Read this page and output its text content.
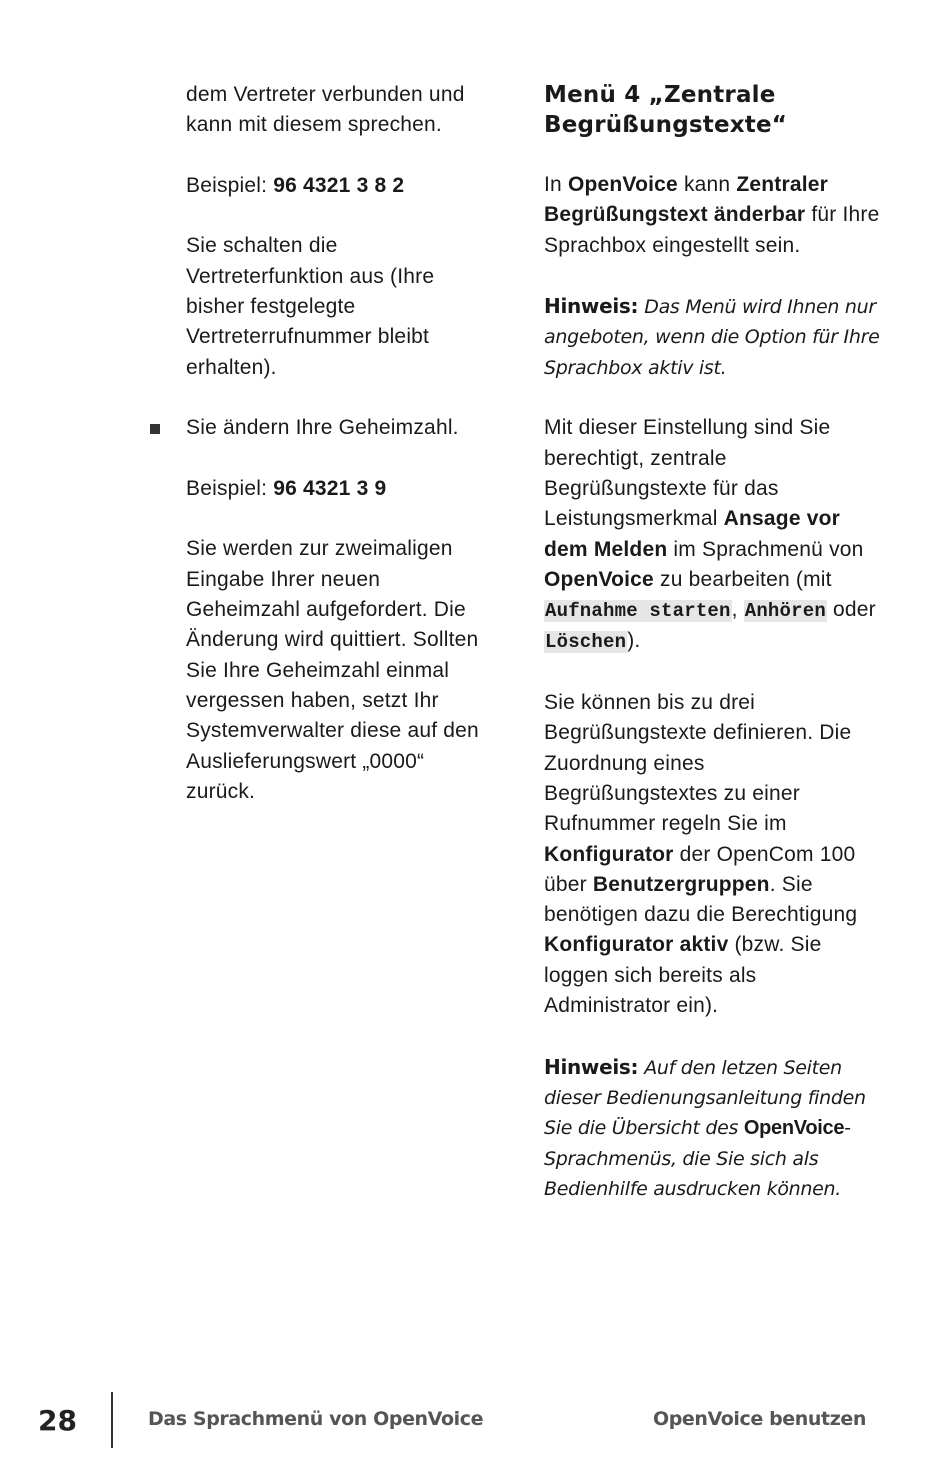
dem Vertreter verbunden und kann mit diesem sprechen.

Beispiel: 96 4321 3 8 2

Sie schalten die Vertreterfunktion aus (Ihre bisher festgelegte Vertreterrufnummer bleibt erhalten).

Sie ändern Ihre Geheimzahl.

Beispiel: 96 4321 3 9

Sie werden zur zweimaligen Eingabe Ihrer neuen Geheimzahl aufgefordert. Die Änderung wird quittiert. Sollten Sie Ihre Geheimzahl einmal vergessen haben, setzt Ihr Systemverwalter diese auf den Auslieferungswert „0000“ zurück.

Menü 4 „Zentrale Begrüßungstexte“

In OpenVoice kann Zentraler Begrüßungstext änderbar für Ihre Sprachbox eingestellt sein.

Hinweis: Das Menü wird Ihnen nur angeboten, wenn die Option für Ihre Sprachbox aktiv ist.

Mit dieser Einstellung sind Sie berechtigt, zentrale Begrüßungstexte für das Leistungsmerkmal Ansage vor dem Melden im Sprachmenü von OpenVoice zu bearbeiten (mit Aufnahme starten, Anhören oder Löschen).

Sie können bis zu drei Begrüßungstexte definieren. Die Zuordnung eines Begrüßungstextes zu einer Rufnummer regeln Sie im Konfigurator der OpenCom 100 über Benutzergruppen. Sie benötigen dazu die Berechtigung Konfigurator aktiv (bzw. Sie loggen sich bereits als Administrator ein).

Hinweis: Auf den letzen Seiten dieser Bedienungsanleitung finden Sie die Übersicht des OpenVoice-Sprachmenüs, die Sie sich als Bedienhilfe ausdrucken können.

28	Das Sprachmenü von OpenVoice	OpenVoice benutzen
